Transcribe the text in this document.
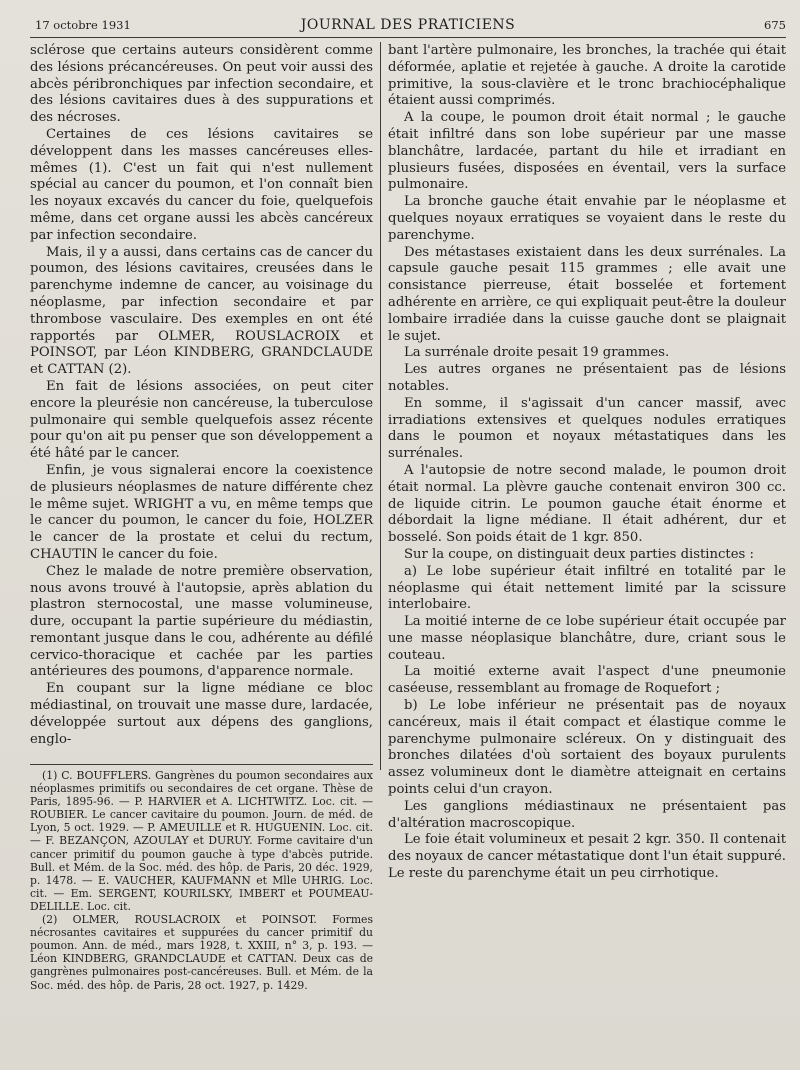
17 octobre 1931	JOURNAL DES PRATICIENS	675

sclérose que certains auteurs considèrent comme des lésions précancéreuses. On peut voir aussi des abcès péribronchiques par infection secondaire, et des lésions cavitaires dues à des suppurations et des nécroses.

Certaines de ces lésions cavitaires se développent dans les masses cancéreuses elles-mêmes (1). C'est un fait qui n'est nullement spécial au cancer du poumon, et l'on connaît bien les noyaux excavés du cancer du foie, quelquefois même, dans cet organe aussi les abcès cancéreux par infection secondaire.

Mais, il y a aussi, dans certains cas de cancer du poumon, des lésions cavitaires, creusées dans le parenchyme indemne de cancer, au voisinage du néoplasme, par infection secondaire et par thrombose vasculaire. Des exemples en ont été rapportés par OLMER, ROUSLACROIX et POINSOT, par Léon KINDBERG, GRANDCLAUDE et CATTAN (2).

En fait de lésions associées, on peut citer encore la pleurésie non cancéreuse, la tuberculose pulmonaire qui semble quelquefois assez récente pour qu'on ait pu penser que son développement a été hâté par le cancer.

Enfin, je vous signalerai encore la coexistence de plusieurs néoplasmes de nature différente chez le même sujet. WRIGHT a vu, en même temps que le cancer du poumon, le cancer du foie, HOLZER le cancer de la prostate et celui du rectum, CHAUTIN le cancer du foie.

Chez le malade de notre première observation, nous avons trouvé à l'autopsie, après ablation du plastron sternocostal, une masse volumineuse, dure, occupant la partie supérieure du médiastin, remontant jusque dans le cou, adhérente au défilé cervico-thoracique et cachée par les parties antérieures des poumons, d'apparence normale.

En coupant sur la ligne médiane ce bloc médiastinal, on trouvait une masse dure, lardacée, développée surtout aux dépens des ganglions, englo-

bant l'artère pulmonaire, les bronches, la trachée qui était déformée, aplatie et rejetée à gauche. A droite la carotide primitive, la sous-clavière et le tronc brachiocéphalique étaient aussi comprimés.

A la coupe, le poumon droit était normal ; le gauche était infiltré dans son lobe supérieur par une masse blanchâtre, lardacée, partant du hile et irradiant en plusieurs fusées, disposées en éventail, vers la surface pulmonaire.

La bronche gauche était envahie par le néoplasme et quelques noyaux erratiques se voyaient dans le reste du parenchyme.

Des métastases existaient dans les deux surrénales. La capsule gauche pesait 115 grammes ; elle avait une consistance pierreuse, était bosselée et fortement adhérente en arrière, ce qui expliquait peut-être la douleur lombaire irradiée dans la cuisse gauche dont se plaignait le sujet.

La surrénale droite pesait 19 grammes.

Les autres organes ne présentaient pas de lésions notables.

En somme, il s'agissait d'un cancer massif, avec irradiations extensives et quelques nodules erratiques dans le poumon et noyaux métastatiques dans les surrénales.

A l'autopsie de notre second malade, le poumon droit était normal. La plèvre gauche contenait environ 300 cc. de liquide citrin. Le poumon gauche était énorme et débordait la ligne médiane. Il était adhérent, dur et bosselé. Son poids était de 1 kgr. 850.

Sur la coupe, on distinguait deux parties distinctes :

a) Le lobe supérieur était infiltré en totalité par le néoplasme qui était nettement limité par la scissure interlobaire.

La moitié interne de ce lobe supérieur était occupée par une masse néoplasique blanchâtre, dure, criant sous le couteau.

La moitié externe avait l'aspect d'une pneumonie caséeuse, ressemblant au fromage de Roquefort ;

b) Le lobe inférieur ne présentait pas de noyaux cancéreux, mais il était compact et élastique comme le parenchyme pulmonaire scléreux. On y distinguait des bronches dilatées d'où sortaient des boyaux purulents assez volumineux dont le diamètre atteignait en certains points celui d'un crayon.

Les ganglions médiastinaux ne présentaient pas d'altération macroscopique.

Le foie était volumineux et pesait 2 kgr. 350. Il contenait des noyaux de cancer métastatique dont l'un était suppuré. Le reste du parenchyme était un peu cirrhotique.

(1) C. BOUFFLERS. Gangrènes du poumon secondaires aux néoplasmes primitifs ou secondaires de cet organe. Thèse de Paris, 1895-96. — P. HARVIER et A. LICHTWITZ. Loc. cit. — ROUBIER. Le cancer cavitaire du poumon. Journ. de méd. de Lyon, 5 oct. 1929. — P. AMEUILLE et R. HUGUENIN. Loc. cit. — F. BEZANÇON, AZOULAY et DURUY. Forme cavitaire d'un cancer primitif du poumon gauche à type d'abcès putride. Bull. et Mém. de la Soc. méd. des hôp. de Paris, 20 déc. 1929, p. 1478. — E. VAUCHER, KAUFMANN et Mlle UHRIG. Loc. cit. — Em. SERGENT, KOURILSKY, IMBERT et POUMEAU-DELILLE. Loc. cit.

(2) OLMER, ROUSLACROIX et POINSOT. Formes nécrosantes cavitaires et suppurées du cancer primitif du poumon. Ann. de méd., mars 1928, t. XXIII, n° 3, p. 193. — Léon KINDBERG, GRANDCLAUDE et CATTAN. Deux cas de gangrènes pulmonaires post-cancéreuses. Bull. et Mém. de la Soc. méd. des hôp. de Paris, 28 oct. 1927, p. 1429.
